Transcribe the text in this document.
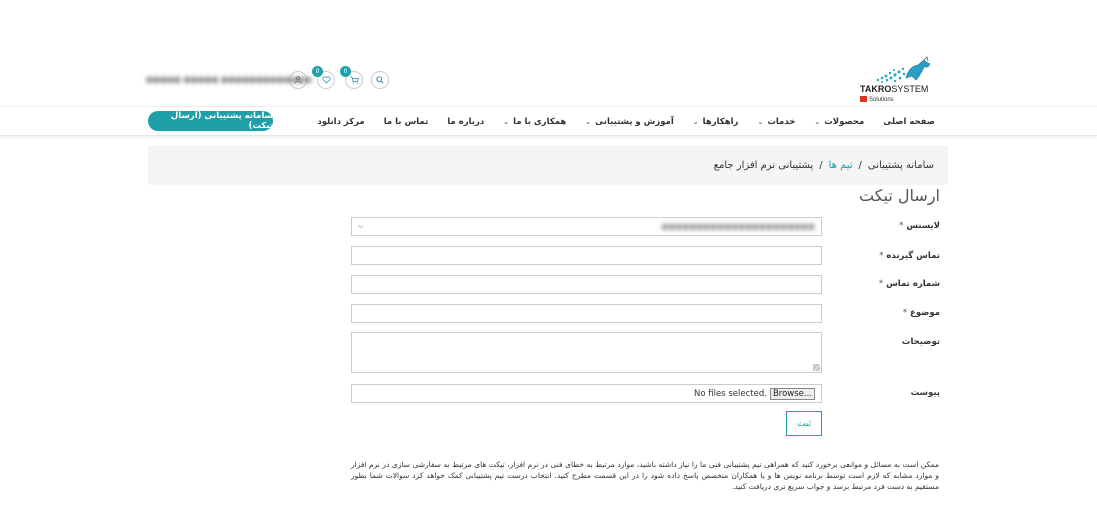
TAKROSYSTEM
Solutions
0
0
●●●●● ●●●●● ●●●●●●●●●●●●●
صفحه اصلی
محصولات
⌄
خدمات
⌄
راهکارها
⌄
آموزش و پشتیبانی
⌄
همکاری با ما
⌄
درباره ما
تماس با ما
مرکز دانلود
سامانه پشتیبانی (ارسال تیکت)
سامانه پشتیبانی
/
تیم ها
/
پشتیبانی نرم افزار جامع
ارسال تیکت
لایسنس *
⌵	●●●●●●●●●●●●●●●●●●●●●●
تماس گیرنده *
شماره تماس *
موضوع *
توضیحات
پیوست
No files selected. Browse...
ثبت
ممکن است به مسائل و موانعی برخورد کنید که همراهی تیم پشتیبانی فنی ما را نیاز داشته باشید، موارد مرتبط به خطای فنی در نرم افزار، تیکت های مرتبط به سفارشی سازی در نرم افزار و موارد مشابه که لازم است توسط برنامه نویس ها و یا همکاران متخصص پاسخ داده شود را در این قسمت مطرح کنید. انتخاب درست تیم پشتیبانی کمک خواهد کرد سوالات شما بطور مستقیم به دست فرد مرتبط برسد و جواب سریع تری دریافت کنید.
